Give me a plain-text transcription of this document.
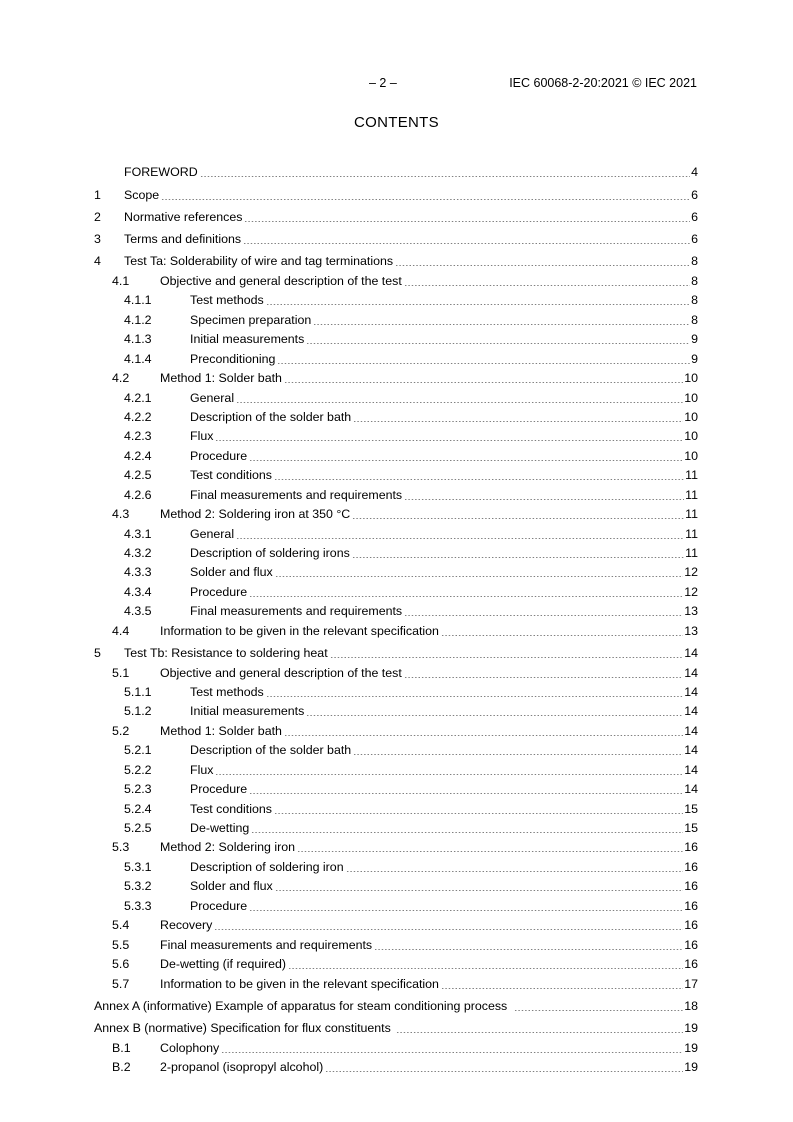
– 2 –	IEC 60068-2-20:2021 © IEC 2021
CONTENTS
FOREWORD	4
1 Scope	6
2 Normative references	6
3 Terms and definitions	6
4 Test Ta: Solderability of wire and tag terminations	8
4.1 Objective and general description of the test	8
4.1.1	Test methods	8
4.1.2	Specimen preparation	8
4.1.3	Initial measurements	9
4.1.4	Preconditioning	9
4.2 Method 1: Solder bath	10
4.2.1	General	10
4.2.2	Description of the solder bath	10
4.2.3	Flux	10
4.2.4	Procedure	10
4.2.5	Test conditions	11
4.2.6	Final measurements and requirements	11
4.3 Method 2: Soldering iron at 350 °C	11
4.3.1	General	11
4.3.2	Description of soldering irons	11
4.3.3	Solder and flux	12
4.3.4	Procedure	12
4.3.5	Final measurements and requirements	13
4.4 Information to be given in the relevant specification	13
5 Test Tb: Resistance to soldering heat	14
5.1 Objective and general description of the test	14
5.1.1	Test methods	14
5.1.2	Initial measurements	14
5.2 Method 1: Solder bath	14
5.2.1	Description of the solder bath	14
5.2.2	Flux	14
5.2.3	Procedure	14
5.2.4	Test conditions	15
5.2.5	De-wetting	15
5.3 Method 2: Soldering iron	16
5.3.1	Description of soldering iron	16
5.3.2	Solder and flux	16
5.3.3	Procedure	16
5.4 Recovery	16
5.5 Final measurements and requirements	16
5.6 De-wetting (if required)	16
5.7 Information to be given in the relevant specification	17
Annex A (informative) Example of apparatus for steam conditioning process	18
Annex B (normative) Specification for flux constituents	19
B.1 Colophony	19
B.2 2-propanol (isopropyl alcohol)	19
